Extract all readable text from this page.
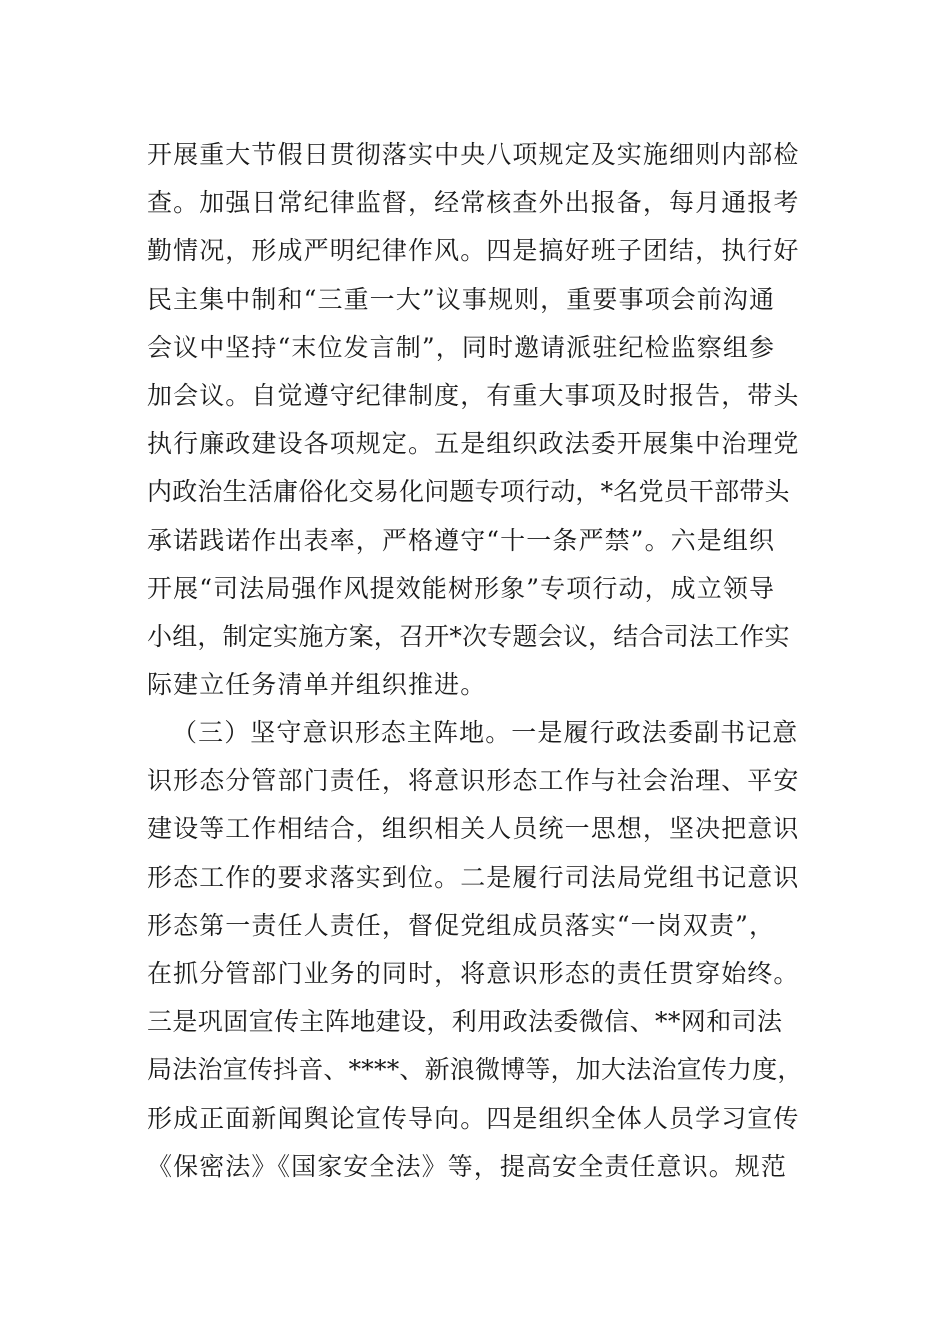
开展重大节假日贯彻落实中央八项规定及实施细则内部检
查。加强日常纪律监督，经常核查外出报备，每月通报考
勤情况，形成严明纪律作风。四是搞好班子团结，执行好
民主集中制和“三重一大”议事规则，重要事项会前沟通
会议中坚持“末位发言制”，同时邀请派驻纪检监察组参
加会议。自觉遵守纪律制度，有重大事项及时报告，带头
执行廉政建设各项规定。五是组织政法委开展集中治理党
内政治生活庸俗化交易化问题专项行动，*名党员干部带头
承诺践诺作出表率，严格遵守“十一条严禁”。六是组织
开展“司法局强作风提效能树形象”专项行动，成立领导
小组，制定实施方案，召开*次专题会议，结合司法工作实
际建立任务清单并组织推进。
（三）坚守意识形态主阵地。一是履行政法委副书记意
识形态分管部门责任，将意识形态工作与社会治理、平安
建设等工作相结合，组织相关人员统一思想，坚决把意识
形态工作的要求落实到位。二是履行司法局党组书记意识
形态第一责任人责任，督促党组成员落实“一岗双责”，
在抓分管部门业务的同时，将意识形态的责任贯穿始终。
三是巩固宣传主阵地建设，利用政法委微信、**网和司法
局法治宣传抖音、****、新浪微博等，加大法治宣传力度，
形成正面新闻舆论宣传导向。四是组织全体人员学习宣传
《保密法》《国家安全法》等，提高安全责任意识。规范
